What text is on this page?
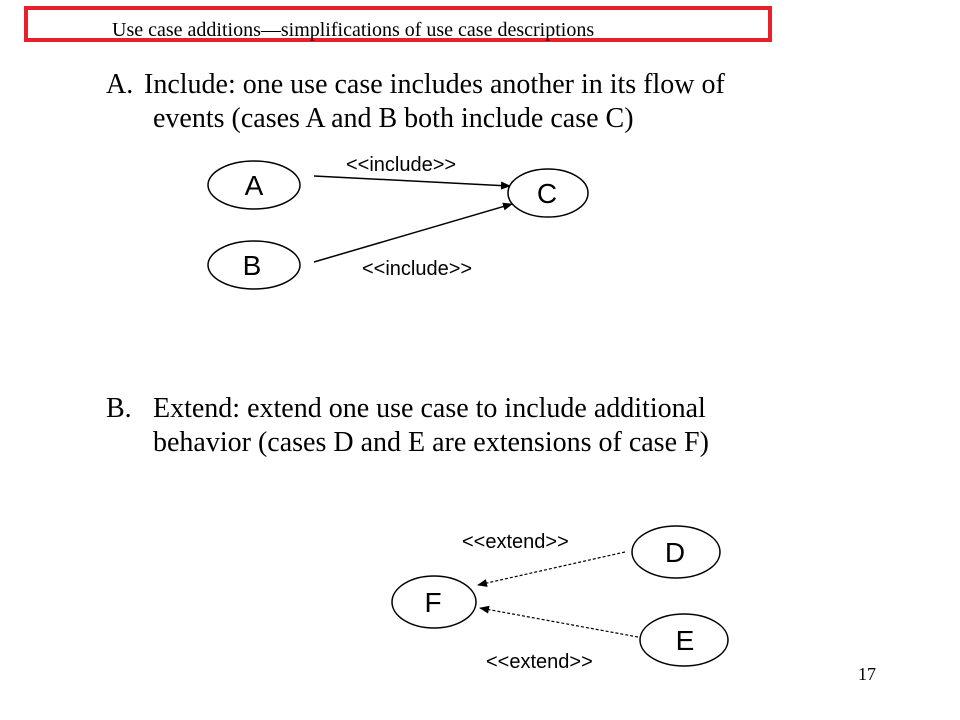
Use case additions—simplifications of use case descriptions
A. Include: one use case includes another in its flow of
events (cases A and B both include case C)
B. Extend: extend one use case to include additional
behavior (cases D and E are extensions of case F)
A
B
C
<<include>>
<<include>>
D
E
F
<<extend>>
<<extend>>
17
